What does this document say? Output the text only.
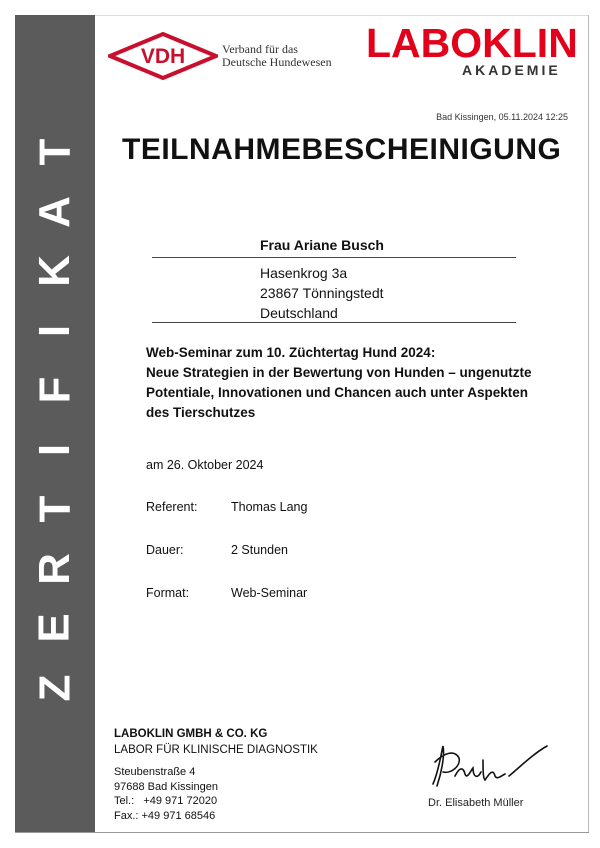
T
A
K
I
F
I
T
R
E
Z
VDH	Verband für das
Deutsche Hundewesen LABOKLIN
AKADEMIE
Bad Kissingen, 05.11.2024 12:25
TEILNAHMEBESCHEINIGUNG
Frau Ariane Busch
Hasenkrog 3a
23867 Tönningstedt
Deutschland
Web-Seminar zum 10. Züchtertag Hund 2024:
Neue Strategien in der Bewertung von Hunden – ungenutzte
Potentiale, Innovationen und Chancen auch unter Aspekten
des Tierschutzes
am 26. Oktober 2024
Referent:	Thomas Lang
Dauer:	2 Stunden
Format:	Web-Seminar
LABOKLIN GMBH & CO. KG
LABOR FÜR KLINISCHE DIAGNOSTIK
Steubenstraße 4
97688 Bad Kissingen
Tel.:   +49 971 72020
Fax.: +49 971 68546
Dr. Elisabeth Müller
